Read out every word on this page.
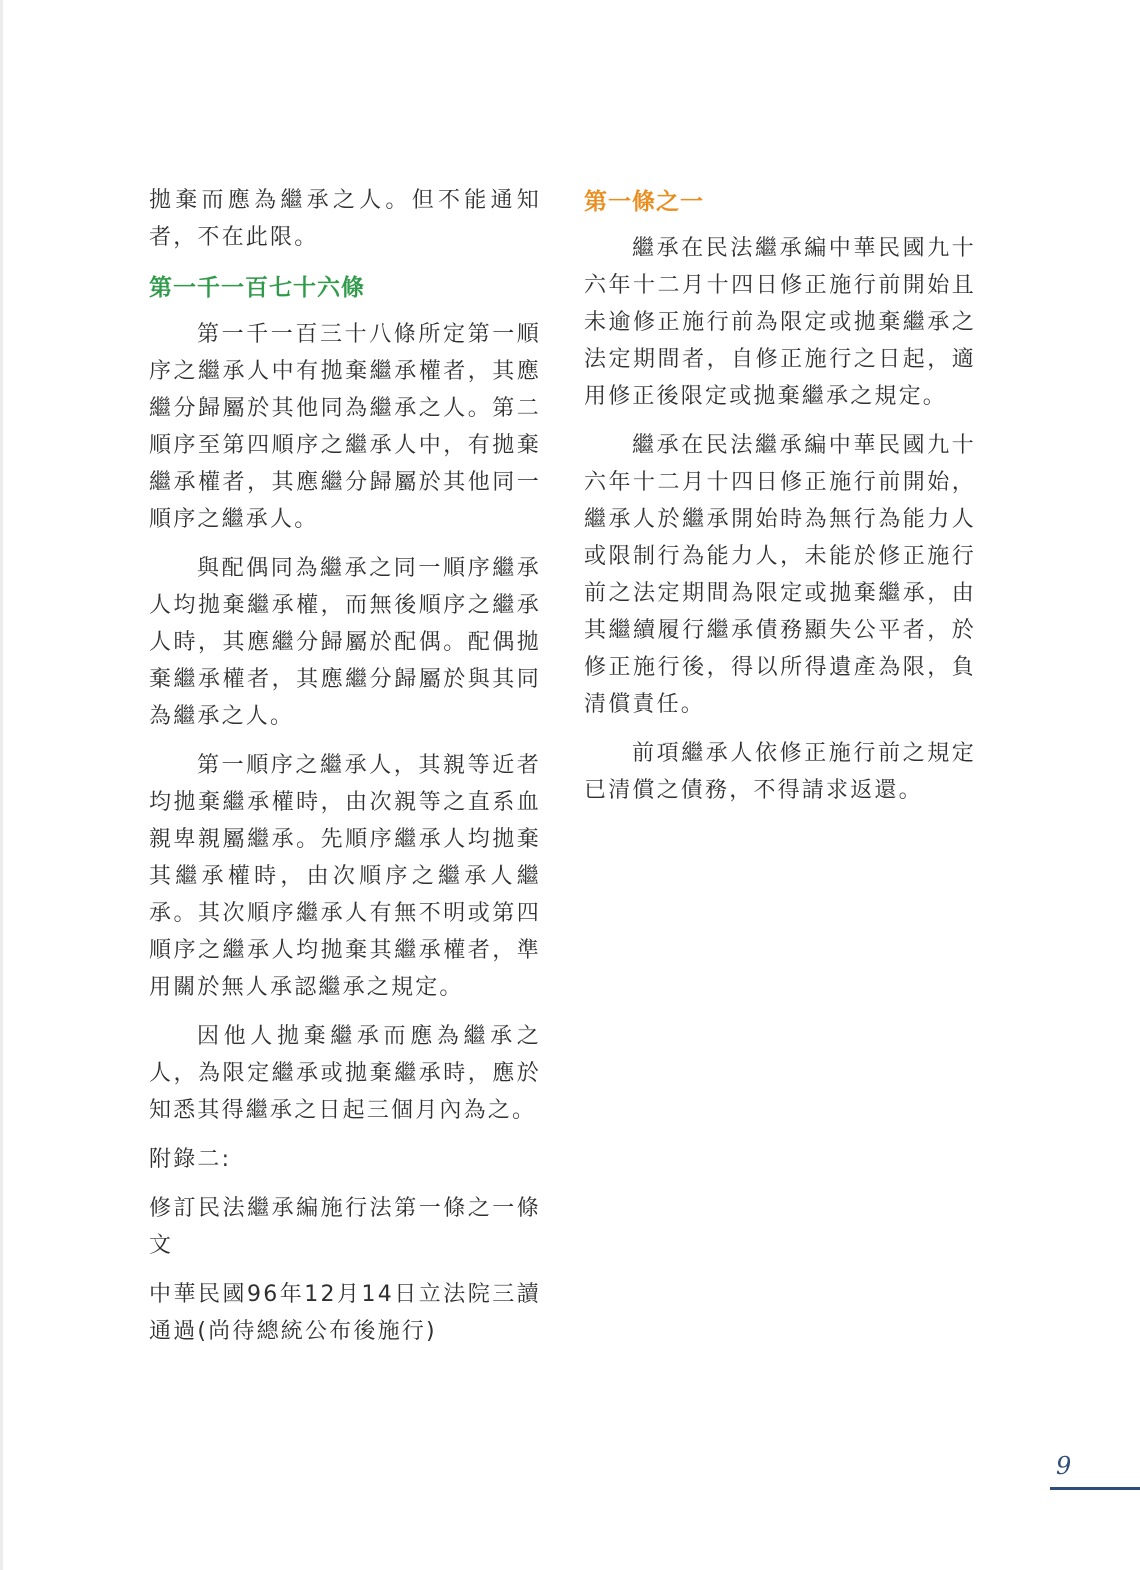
拋棄而應為繼承之人。但不能通知者，不在此限。

第一千一百七十六條

第一千一百三十八條所定第一順序之繼承人中有拋棄繼承權者，其應繼分歸屬於其他同為繼承之人。第二順序至第四順序之繼承人中，有拋棄繼承權者，其應繼分歸屬於其他同一順序之繼承人。

與配偶同為繼承之同一順序繼承人均拋棄繼承權，而無後順序之繼承人時，其應繼分歸屬於配偶。配偶拋棄繼承權者，其應繼分歸屬於與其同為繼承之人。

第一順序之繼承人，其親等近者均拋棄繼承權時，由次親等之直系血親卑親屬繼承。先順序繼承人均拋棄其繼承權時，由次順序之繼承人繼承。其次順序繼承人有無不明或第四順序之繼承人均拋棄其繼承權者，準用關於無人承認繼承之規定。

因他人拋棄繼承而應為繼承之人，為限定繼承或拋棄繼承時，應於知悉其得繼承之日起三個月內為之。

附錄二:

修訂民法繼承編施行法第一條之一條文

中華民國96年12月14日立法院三讀通過(尚待總統公布後施行)

第一條之一

繼承在民法繼承編中華民國九十六年十二月十四日修正施行前開始且未逾修正施行前為限定或拋棄繼承之法定期間者，自修正施行之日起，適用修正後限定或拋棄繼承之規定。

繼承在民法繼承編中華民國九十六年十二月十四日修正施行前開始，繼承人於繼承開始時為無行為能力人或限制行為能力人，未能於修正施行前之法定期間為限定或拋棄繼承，由其繼續履行繼承債務顯失公平者，於修正施行後，得以所得遺產為限，負清償責任。

前項繼承人依修正施行前之規定已清償之債務，不得請求返還。

9
